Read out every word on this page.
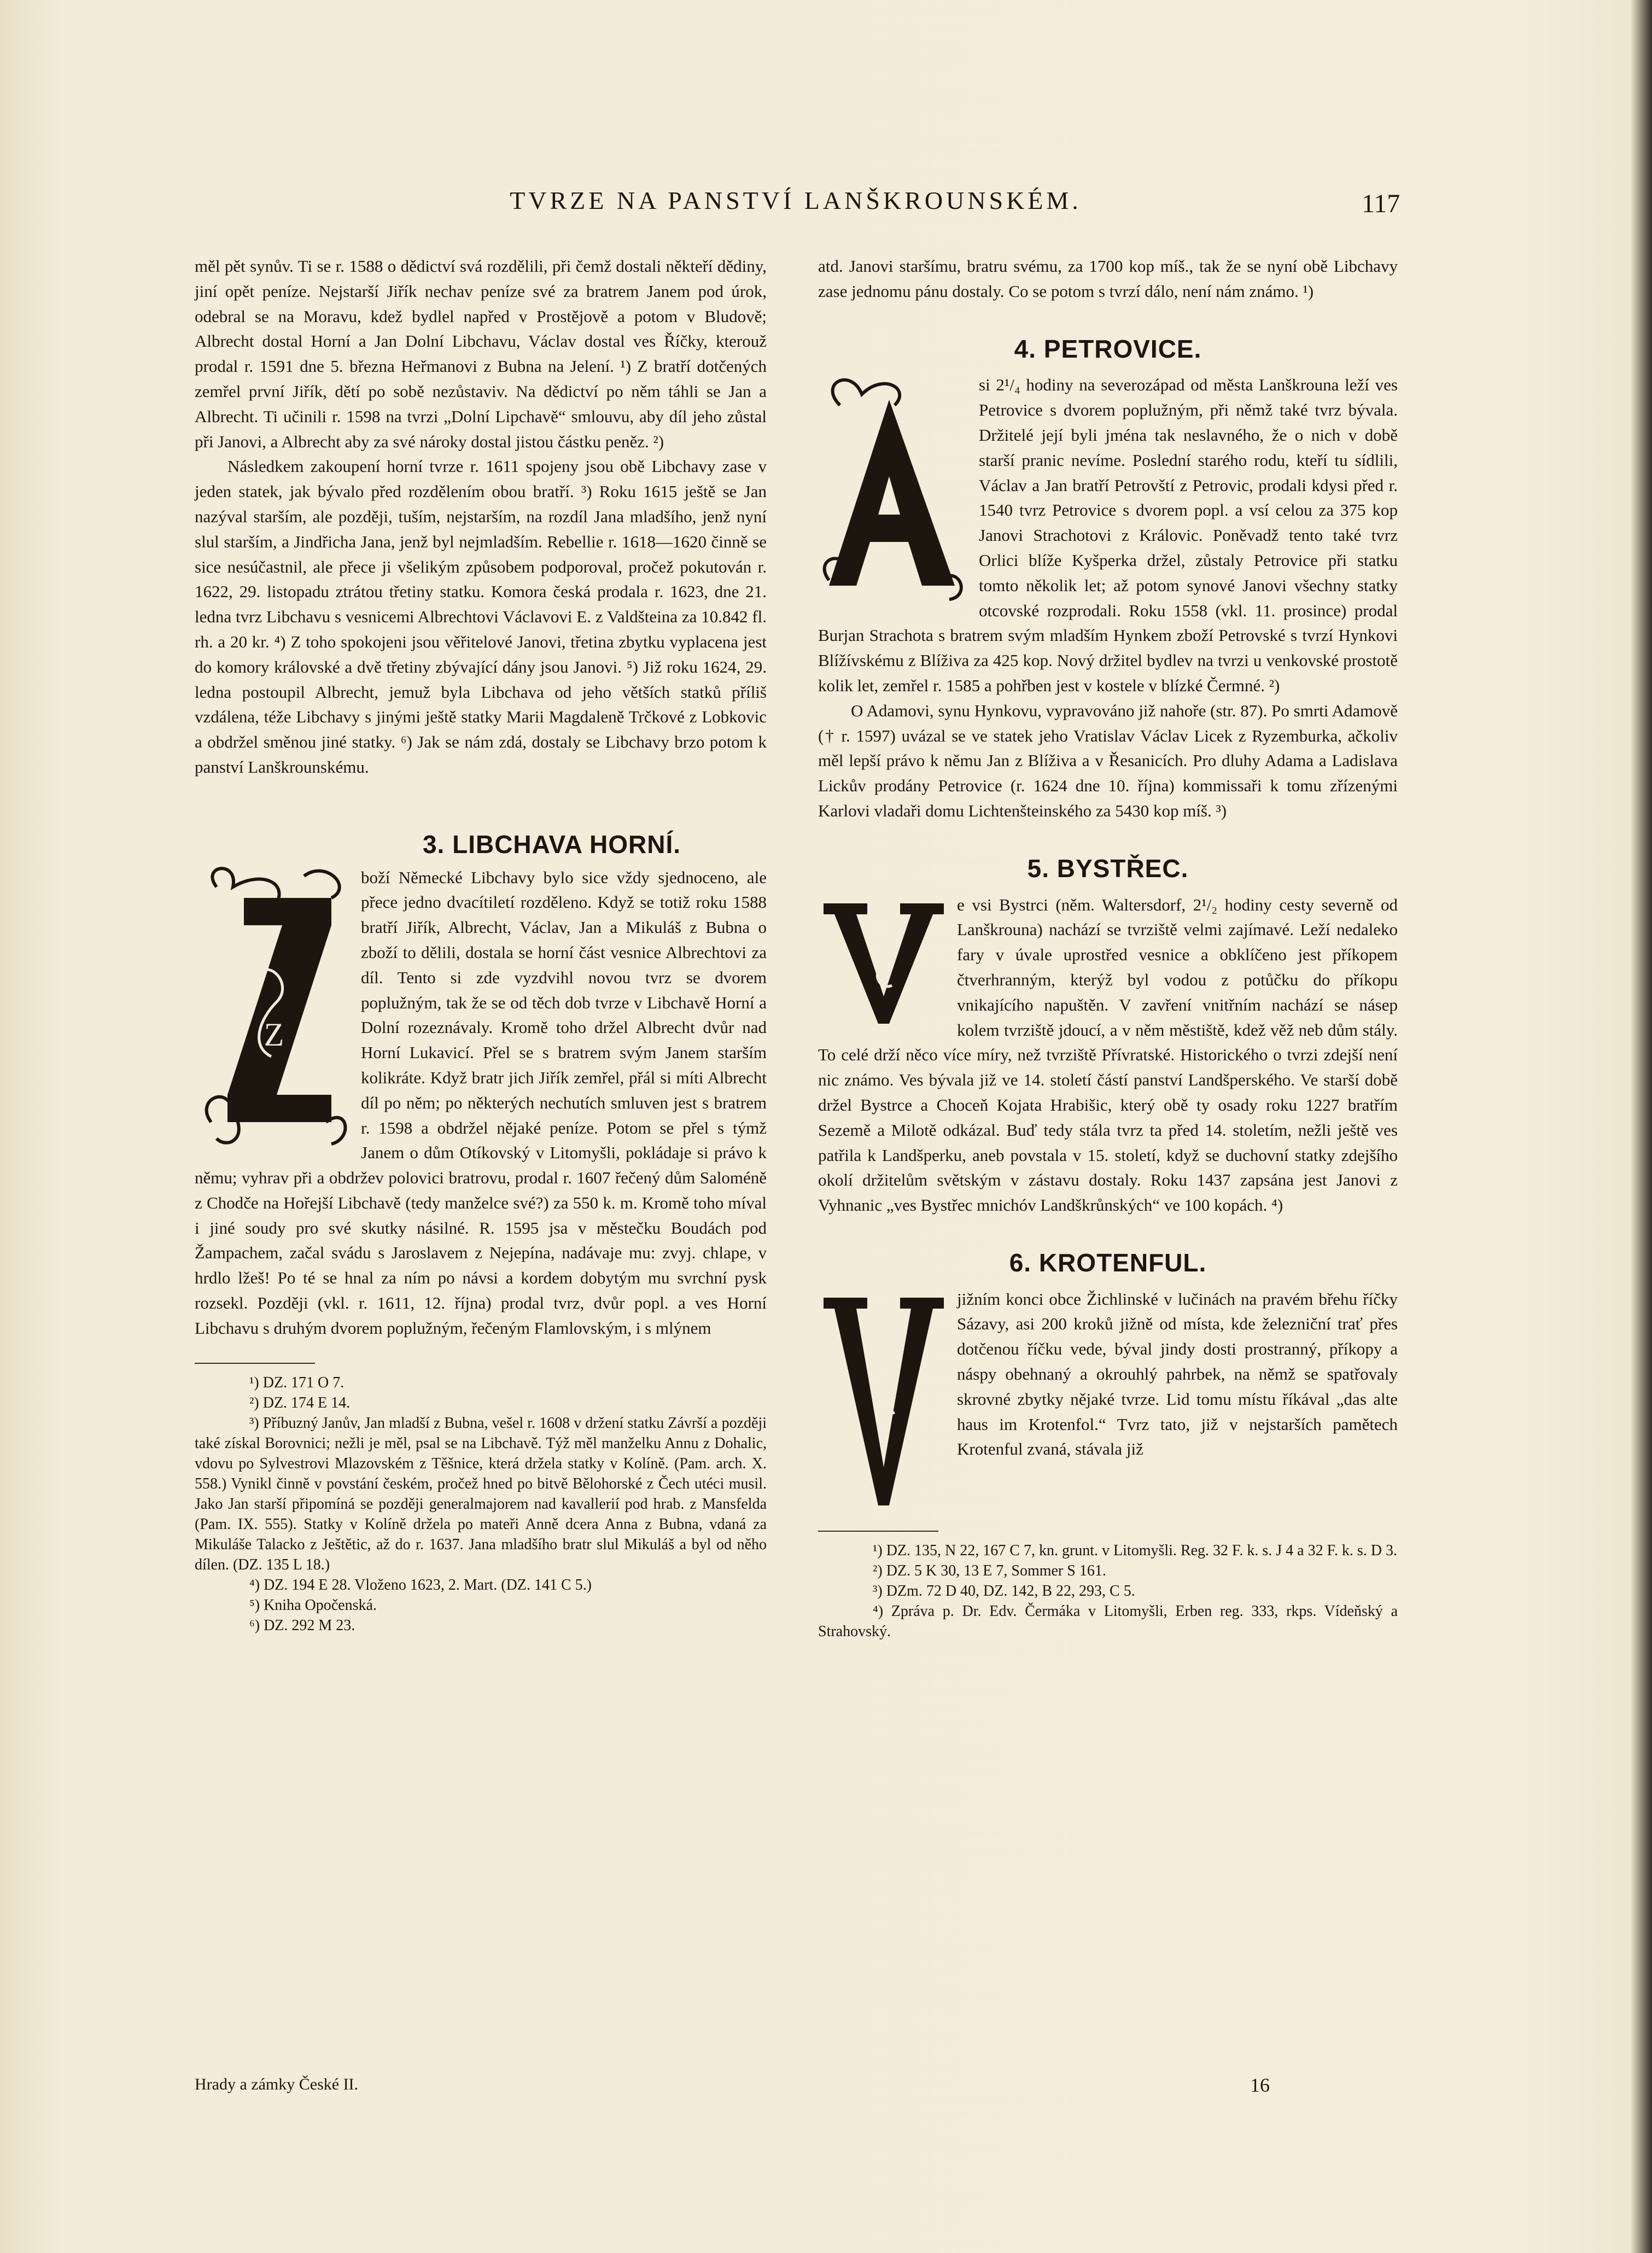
TVRZE NA PANSTVÍ LANŠKROUNSKÉM.	117

měl pět synův. Ti se r. 1588 o dědictví svá rozdělili, při čemž dostali někteří dědiny, jiní opět peníze. Nejstarší Jiřík nechav peníze své za bratrem Janem pod úrok, odebral se na Moravu, kdež bydlel napřed v Prostějově a potom v Bludově; Albrecht dostal Horní a Jan Dolní Libchavu, Václav dostal ves Říčky, kterouž prodal r. 1591 dne 5. března Heřmanovi z Bubna na Jelení. ¹) Z bratří dotčených zemřel první Jiřík, dětí po sobě nezůstaviv. Na dědictví po něm táhli se Jan a Albrecht. Ti učinili r. 1598 na tvrzi „Dolní Lipchavě“ smlouvu, aby díl jeho zůstal při Janovi, a Albrecht aby za své nároky dostal jistou částku peněz. ²)

Následkem zakoupení horní tvrze r. 1611 spojeny jsou obě Libchavy zase v jeden statek, jak bývalo před rozdělením obou bratří. ³) Roku 1615 ještě se Jan nazýval starším, ale později, tuším, nejstarším, na rozdíl Jana mladšího, jenž nyní slul starším, a Jindřicha Jana, jenž byl nejmladším. Rebellie r. 1618—1620 činně se sice nesúčastnil, ale přece ji všelikým způsobem podporoval, pročež pokutován r. 1622, 29. listopadu ztrátou třetiny statku. Komora česká prodala r. 1623, dne 21. ledna tvrz Libchavu s vesnicemi Albrechtovi Václavovi E. z Valdšteina za 10.842 fl. rh. a 20 kr. ⁴) Z toho spokojeni jsou věřitelové Janovi, třetina zbytku vyplacena jest do komory královské a dvě třetiny zbývající dány jsou Janovi. ⁵) Již roku 1624, 29. ledna postoupil Albrecht, jemuž byla Libchava od jeho větších statků příliš vzdálena, téže Libchavy s jinými ještě statky Marii Magdaleně Trčkové z Lobkovic a obdržel směnou jiné statky. ⁶) Jak se nám zdá, dostaly se Libchavy brzo potom k panství Lanškrounskému.

3. LIBCHAVA HORNÍ.
Z

boží Německé Libchavy bylo sice vždy sjednoceno, ale přece jedno dvacítiletí rozděleno. Když se totiž roku 1588 bratří Jiřík, Albrecht, Václav, Jan a Mikuláš z Bubna o zboží to dělili, dostala se horní část vesnice Albrechtovi za díl. Tento si zde vyzdvihl novou tvrz se dvorem poplužným, tak že se od těch dob tvrze v Libchavě Horní a Dolní rozeznávaly. Kromě toho držel Albrecht dvůr nad Horní Lukavicí. Přel se s bratrem svým Janem starším kolikráte. Když bratr jich Jiřík zemřel, přál si míti Albrecht díl po něm; po některých nechutích smluven jest s bratrem r. 1598 a obdržel nějaké peníze. Potom se přel s týmž Janem o dům Otíkovský v Litomyšli, pokládaje si právo k němu; vyhrav při a obdržev polovici bratrovu, prodal r. 1607 řečený dům Saloméně z Chodče na Hořejší Libchavě (tedy manželce své?) za 550 k. m. Kromě toho míval i jiné soudy pro své skutky násilné. R. 1595 jsa v městečku Boudách pod Žampachem, začal svádu s Jaroslavem z Nejepína, nadávaje mu: zvyj. chlape, v hrdlo lžeš! Po té se hnal za ním po návsi a kordem dobytým mu svrchní pysk rozsekl. Později (vkl. r. 1611, 12. října) prodal tvrz, dvůr popl. a ves Horní Libchavu s druhým dvorem poplužným, řečeným Flamlovským, i s mlýnem

¹) DZ. 171 O 7.
²) DZ. 174 E 14.
³) Příbuzný Janův, Jan mladší z Bubna, vešel r. 1608 v držení statku Závrší a později také získal Borovnici; nežli je měl, psal se na Libchavě. Týž měl manželku Annu z Dohalic, vdovu po Sylvestrovi Mlazovském z Těšnice, která držela statky v Kolíně. (Pam. arch. X. 558.) Vynikl činně v povstání českém, pročež hned po bitvě Bělohorské z Čech utéci musil. Jako Jan starší připomíná se později generalmajorem nad kavallerií pod hrab. z Mansfelda (Pam. IX. 555). Statky v Kolíně držela po mateři Anně dcera Anna z Bubna, vdaná za Mikuláše Talacko z Ještětic, až do r. 1637. Jana mladšího bratr slul Mikuláš a byl od něho dílen. (DZ. 135 L 18.)
⁴) DZ. 194 E 28. Vloženo 1623, 2. Mart. (DZ. 141 C 5.)
⁵) Kniha Opočenská.
⁶) DZ. 292 M 23.
Hrady a zámky České II.

atd. Janovi staršímu, bratru svému, za 1700 kop míš., tak že se nyní obě Libchavy zase jednomu pánu dostaly. Co se potom s tvrzí dálo, není nám známo. ¹)

4. PETROVICE.
A

si 2¹/₄ hodiny na severozápad od města Lanškrouna leží ves Petrovice s dvorem poplužným, při němž také tvrz bývala. Držitelé její byli jména tak neslavného, že o nich v době starší pranic nevíme. Poslední starého rodu, kteří tu sídlili, Václav a Jan bratří Petrovští z Petrovic, prodali kdysi před r. 1540 tvrz Petrovice s dvorem popl. a vsí celou za 375 kop Janovi Strachotovi z Královic. Poněvadž tento také tvrz Orlici blíže Kyšperka držel, zůstaly Petrovice při statku tomto několik let; až potom synové Janovi všechny statky otcovské rozprodali. Roku 1558 (vkl. 11. prosince) prodal Burjan Strachota s bratrem svým mladším Hynkem zboží Petrovské s tvrzí Hynkovi Blížívskému z Blíživa za 425 kop. Nový držitel bydlev na tvrzi u venkovské prostotě kolik let, zemřel r. 1585 a pohřben jest v kostele v blízké Čermné. ²)

O Adamovi, synu Hynkovu, vypravováno již nahoře (str. 87). Po smrti Adamově († r. 1597) uvázal se ve statek jeho Vratislav Václav Licek z Ryzemburka, ačkoliv měl lepší právo k němu Jan z Blíživa a v Řesanicích. Pro dluhy Adama a Ladislava Lickův prodány Petrovice (r. 1624 dne 10. října) kommissaři k tomu zřízenými Karlovi vladaři domu Lichtenšteinského za 5430 kop míš. ³)

5. BYSTŘEC.
V

e vsi Bystrci (něm. Waltersdorf, 2¹/₂ hodiny cesty severně od Lanškrouna) nachází se tvrziště velmi zajímavé. Leží nedaleko fary v úvale uprostřed vesnice a obklíčeno jest příkopem čtverhranným, kterýž byl vodou z potůčku do příkopu vnikajícího napuštěn. V zavření vnitřním nachází se násep kolem tvrziště jdoucí, a v něm městiště, kdež věž neb dům stály. To celé drží něco více míry, než tvrziště Přívratské. Historického o tvrzi zdejší není nic známo. Ves bývala již ve 14. století částí panství Landšperského. Ve starší době držel Bystrce a Choceň Kojata Hrabišic, který obě ty osady roku 1227 bratřím Sezemě a Milotě odkázal. Buď tedy stála tvrz ta před 14. stoletím, nežli ještě ves patřila k Landšperku, aneb povstala v 15. století, když se duchovní statky zdejšího okolí držitelům světským v zástavu dostaly. Roku 1437 zapsána jest Janovi z Vyhnanic „ves Bystřec mnichóv Landškrůnských“ ve 100 kopách. ⁴)

6. KROTENFUL.
V

jižním konci obce Žichlinské v lučinách na pravém břehu říčky Sázavy, asi 200 kroků jižně od místa, kde železniční trať přes dotčenou říčku vede, býval jindy dosti prostranný, příkopy a náspy obehnaný a okrouhlý pahrbek, na němž se spatřovaly skrovné zbytky nějaké tvrze. Lid tomu místu říkával „das alte haus im Krotenfol.“ Tvrz tato, již v nejstarších pamětech Krotenful zvaná, stávala již

¹) DZ. 135, N 22, 167 C 7, kn. grunt. v Litomyšli. Reg. 32 F. k. s. J 4 a 32 F. k. s. D 3.
²) DZ. 5 K 30, 13 E 7, Sommer S 161.
³) DZm. 72 D 40, DZ. 142, B 22, 293, C 5.
⁴) Zpráva p. Dr. Edv. Čermáka v Litomyšli, Erben reg. 333, rkps. Vídeňský a Strahovský.
16
